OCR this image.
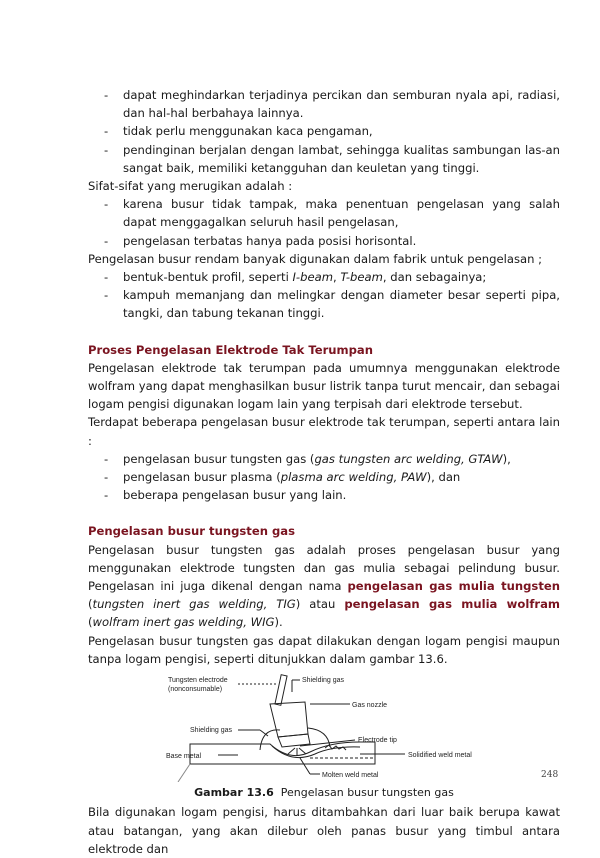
- dapat meghindarkan terjadinya percikan dan semburan nyala api, radiasi, dan hal-hal berbahaya lainnya.
- tidak perlu menggunakan kaca pengaman,
- pendinginan berjalan dengan lambat, sehingga kualitas sambungan las-an sangat baik, memiliki ketangguhan dan keuletan yang tinggi.

Sifat-sifat yang merugikan adalah :

- karena busur tidak tampak, maka penentuan pengelasan yang salah dapat menggagalkan seluruh hasil pengelasan,
- pengelasan terbatas hanya pada posisi horisontal.

Pengelasan busur rendam banyak digunakan dalam fabrik untuk pengelasan ;

- bentuk-bentuk profil, seperti I-beam, T-beam, dan sebagainya;
- kampuh memanjang dan melingkar dengan diameter besar seperti pipa, tangki, dan tabung tekanan tinggi.
Proses Pengelasan Elektrode Tak Terumpan

Pengelasan elektrode tak terumpan pada umumnya menggunakan elektrode wolfram yang dapat menghasilkan busur listrik tanpa turut mencair, dan sebagai logam pengisi digunakan logam lain yang terpisah dari elektrode tersebut.

Terdapat beberapa pengelasan busur elektrode tak terumpan, seperti antara lain :

- pengelasan busur tungsten gas (gas tungsten arc welding, GTAW),
- pengelasan busur plasma (plasma arc welding, PAW), dan
- beberapa pengelasan busur yang lain.
Pengelasan busur tungsten gas

Pengelasan busur tungsten gas adalah proses pengelasan busur yang menggunakan elektrode tungsten dan gas mulia sebagai pelindung busur. Pengelasan ini juga dikenal dengan nama pengelasan gas mulia tungsten (tungsten inert gas welding, TIG) atau pengelasan gas mulia wolfram (wolfram inert gas welding, WIG).

Pengelasan busur tungsten gas dapat dilakukan dengan logam pengisi maupun tanpa logam pengisi, seperti ditunjukkan dalam gambar 13.6.

Tungsten electrode
(nonconsumable)
Shielding gas
Gas nozzle
Shielding gas
Electrode tip
Base metal	Solidified weld metal
Molten weld metal

Gambar 13.6 Pengelasan busur tungsten gas

Bila digunakan logam pengisi, harus ditambahkan dari luar baik berupa kawat atau batangan, yang akan dilebur oleh panas busur yang timbul antara elektrode dan

248
